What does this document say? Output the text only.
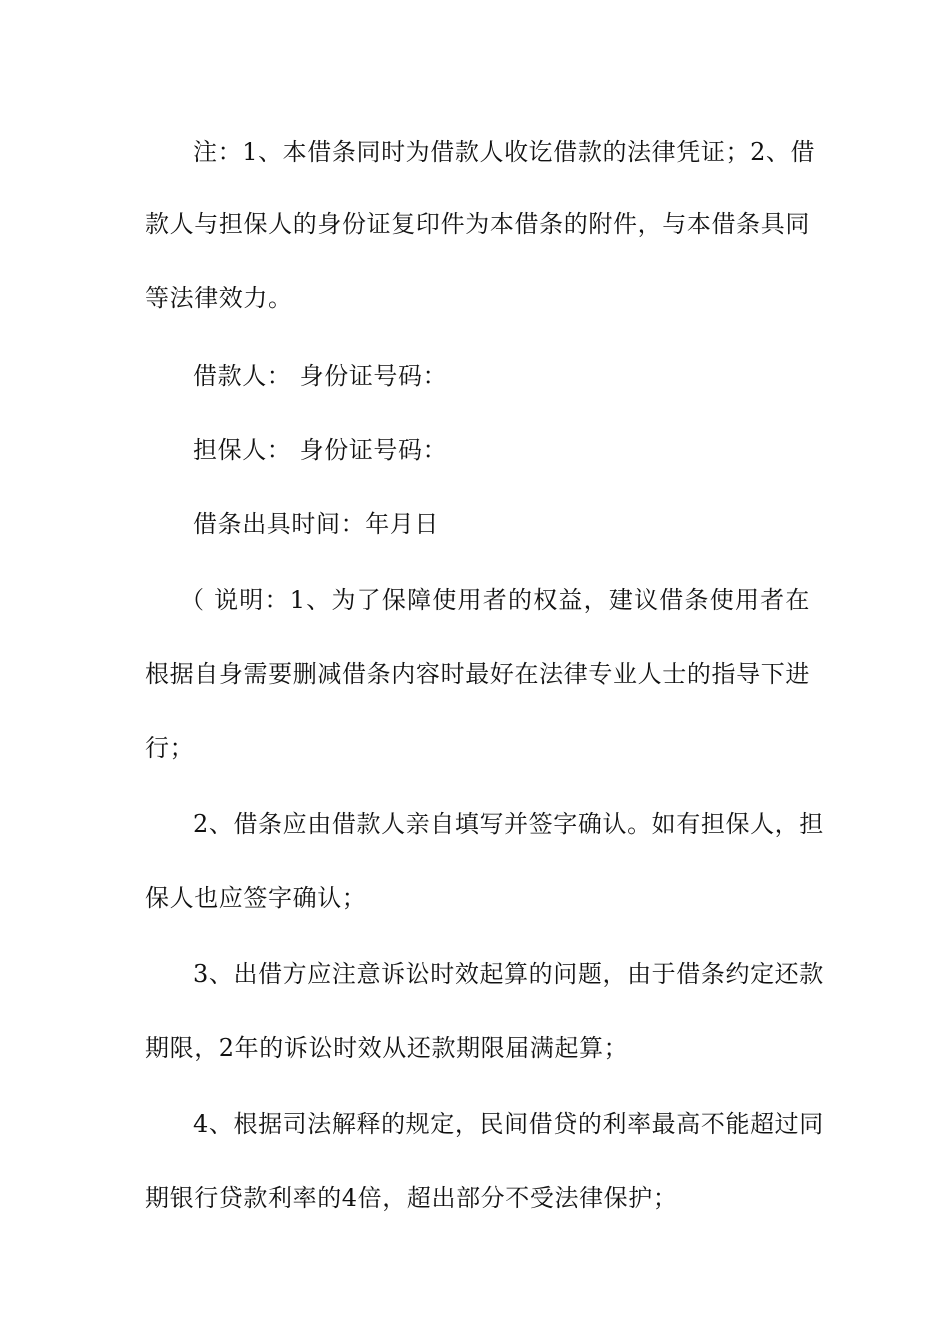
注：1、本借条同时为借款人收讫借款的法律凭证；2、借
款人与担保人的身份证复印件为本借条的附件，与本借条具同
等法律效力。
借款人： 身份证号码：
担保人： 身份证号码：
借条出具时间：年月日
（ 说明：1、为了保障使用者的权益，建议借条使用者在
根据自身需要删减借条内容时最好在法律专业人士的指导下进
行；
2、借条应由借款人亲自填写并签字确认。如有担保人，担
保人也应签字确认；
3、出借方应注意诉讼时效起算的问题，由于借条约定还款
期限，2年的诉讼时效从还款期限届满起算；
4、根据司法解释的规定，民间借贷的利率最高不能超过同
期银行贷款利率的4倍，超出部分不受法律保护；
